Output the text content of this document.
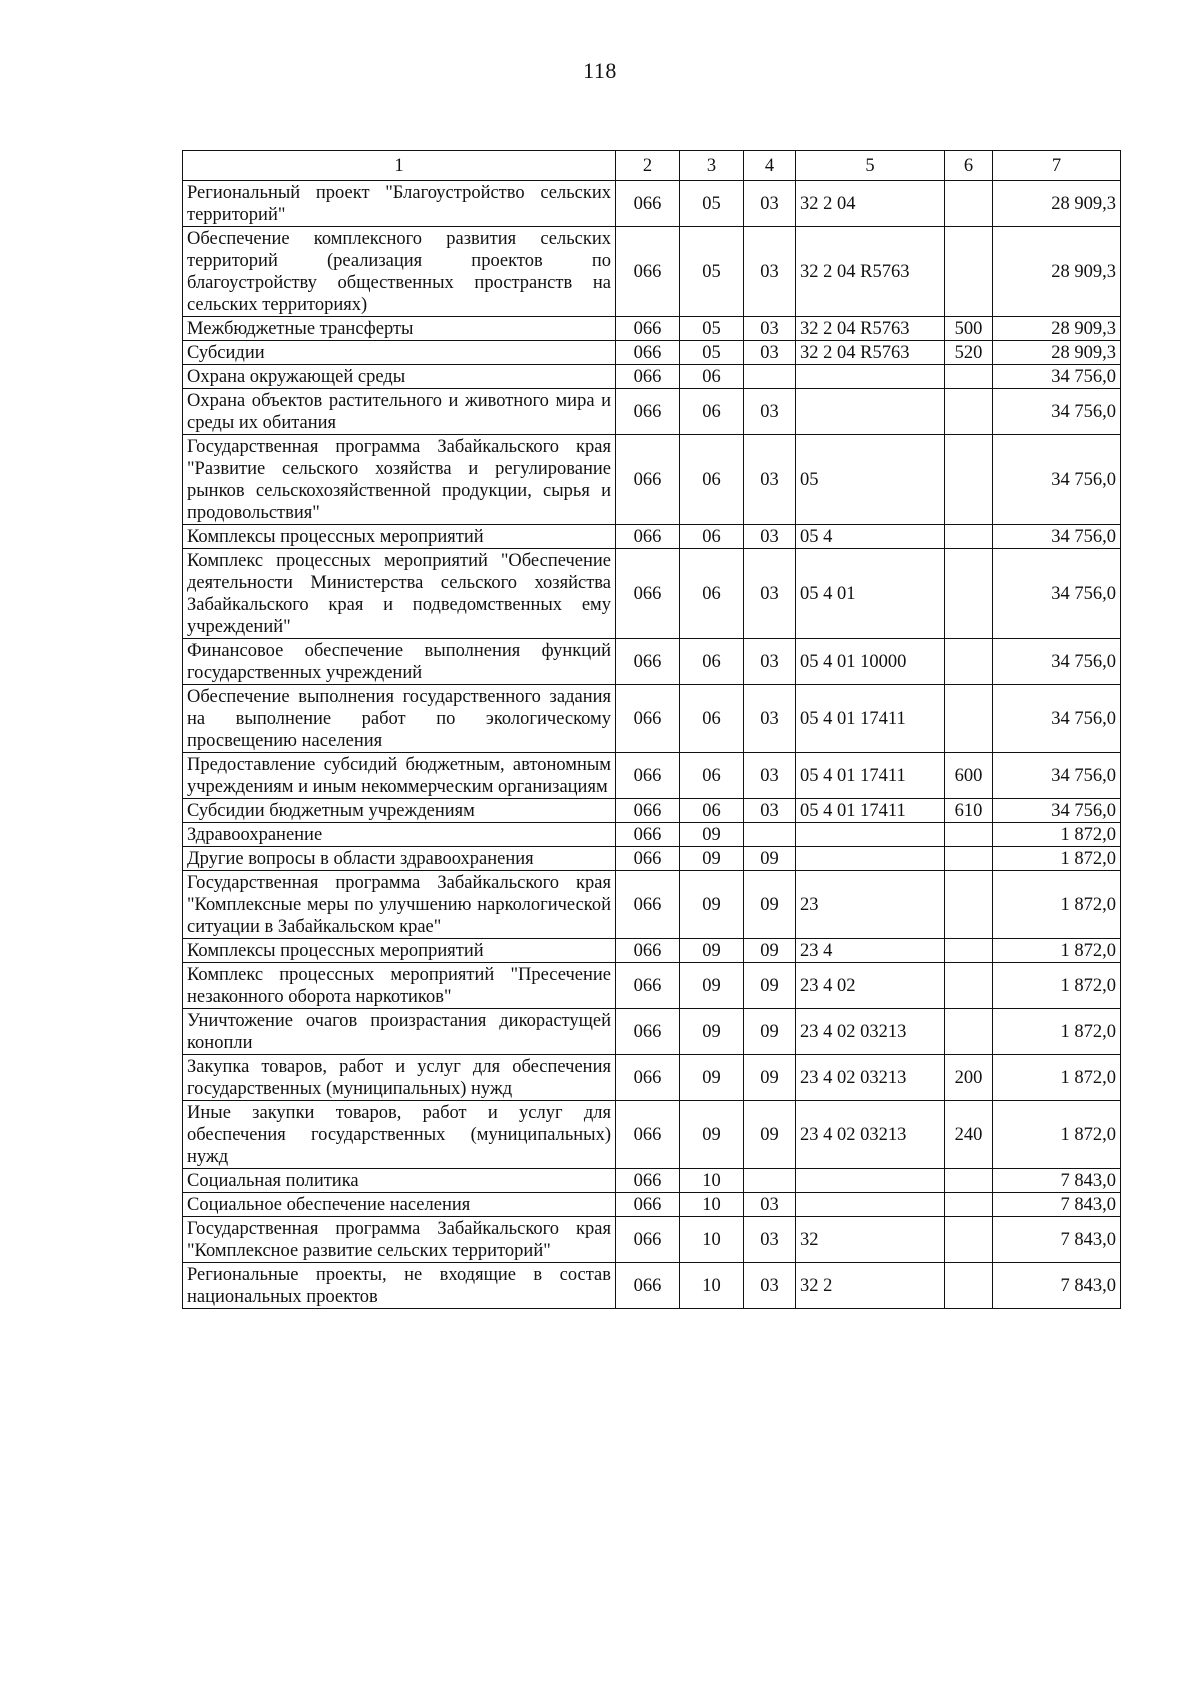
118
1	2	3	4	5	6	7
Региональный проект "Благоустройство сельских территорий"	066	05	03	32 2 04		28 909,3
Обеспечение комплексного развития сельских территорий (реализация проектов по благоустройству общественных пространств на сельских территориях)	066	05	03	32 2 04 R5763		28 909,3
Межбюджетные трансферты	066	05	03	32 2 04 R5763	500	28 909,3
Субсидии	066	05	03	32 2 04 R5763	520	28 909,3
Охрана окружающей среды	066	06				34 756,0
Охрана объектов растительного и животного мира и среды их обитания	066	06	03			34 756,0
Государственная программа Забайкальского края "Развитие сельского хозяйства и регулирование рынков сельскохозяйственной продукции, сырья и продовольствия"	066	06	03	05		34 756,0
Комплексы процессных мероприятий	066	06	03	05 4		34 756,0
Комплекс процессных мероприятий "Обеспечение деятельности Министерства сельского хозяйства Забайкальского края и подведомственных ему учреждений"	066	06	03	05 4 01		34 756,0
Финансовое обеспечение выполнения функций государственных учреждений	066	06	03	05 4 01 10000		34 756,0
Обеспечение выполнения государственного задания на выполнение работ по экологическому просвещению населения	066	06	03	05 4 01 17411		34 756,0
Предоставление субсидий бюджетным, автономным учреждениям и иным некоммерческим организациям	066	06	03	05 4 01 17411	600	34 756,0
Субсидии бюджетным учреждениям	066	06	03	05 4 01 17411	610	34 756,0
Здравоохранение	066	09				1 872,0
Другие вопросы в области здравоохранения	066	09	09			1 872,0
Государственная программа Забайкальского края "Комплексные меры по улучшению наркологической ситуации в Забайкальском крае"	066	09	09	23		1 872,0
Комплексы процессных мероприятий	066	09	09	23 4		1 872,0
Комплекс процессных мероприятий "Пресечение незаконного оборота наркотиков"	066	09	09	23 4 02		1 872,0
Уничтожение очагов произрастания дикорастущей конопли	066	09	09	23 4 02 03213		1 872,0
Закупка товаров, работ и услуг для обеспечения государственных (муниципальных) нужд	066	09	09	23 4 02 03213	200	1 872,0
Иные закупки товаров, работ и услуг для обеспечения государственных (муниципальных) нужд	066	09	09	23 4 02 03213	240	1 872,0
Социальная политика	066	10				7 843,0
Социальное обеспечение населения	066	10	03			7 843,0
Государственная программа Забайкальского края "Комплексное развитие сельских территорий"	066	10	03	32		7 843,0
Региональные проекты, не входящие в состав национальных проектов	066	10	03	32 2		7 843,0
